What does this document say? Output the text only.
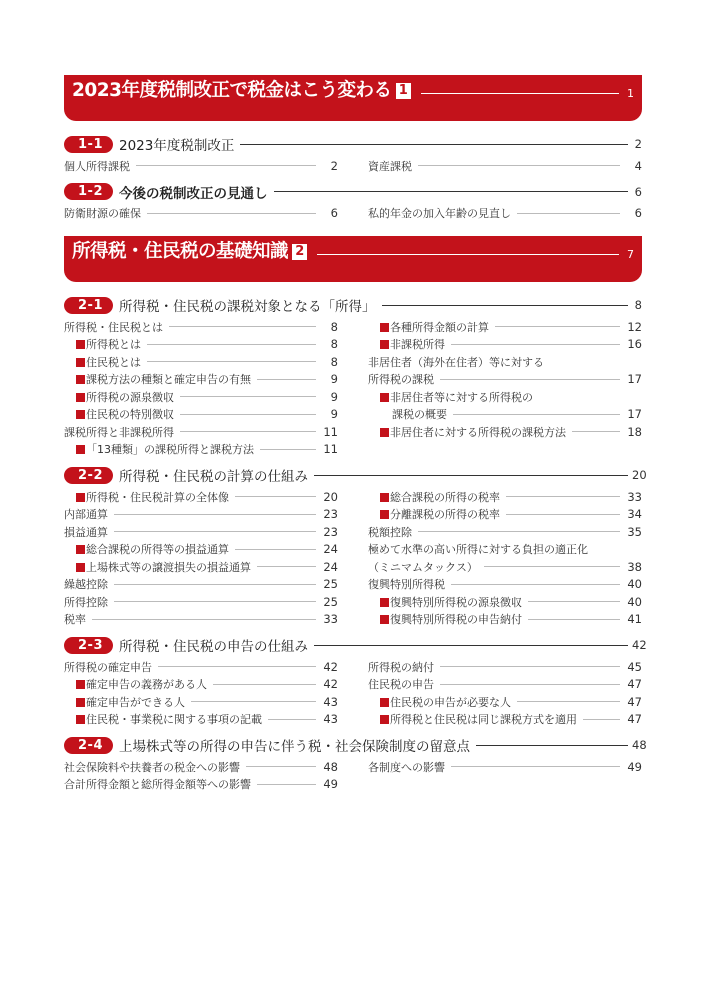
2023年度税制改正で税金はこう変わる 1	1
1-1	2023年度税制改正	2
個人所得課税	2	資産課税	4
1-2	今後の税制改正の見通し	6
防衛財源の確保	6	私的年金の加入年齢の見直し	6
所得税・住民税の基礎知識 2	7
2-1	所得税・住民税の課税対象となる「所得」	8
所得税・住民税とは	8
所得税とは	8
住民税とは	8
課税方法の種類と確定申告の有無	9
所得税の源泉徴収	9
住民税の特別徴収	9
課税所得と非課税所得	11
「13種類」の課税所得と課税方法	11
各種所得金額の計算	12
非課税所得	16
非居住者（海外在住者）等に対する
所得税の課税	17
非居住者等に対する所得税の
課税の概要	17
非居住者に対する所得税の課税方法	18
2-2	所得税・住民税の計算の仕組み	20
所得税・住民税計算の全体像	20
内部通算	23
損益通算	23
総合課税の所得等の損益通算	24
上場株式等の譲渡損失の損益通算	24
繰越控除	25
所得控除	25
税率	33
総合課税の所得の税率	33
分離課税の所得の税率	34
税額控除	35
極めて水準の高い所得に対する負担の適正化
（ミニマムタックス）	38
復興特別所得税	40
復興特別所得税の源泉徴収	40
復興特別所得税の申告納付	41
2-3	所得税・住民税の申告の仕組み	42
所得税の確定申告	42
確定申告の義務がある人	42
確定申告ができる人	43
住民税・事業税に関する事項の記載	43
所得税の納付	45
住民税の申告	47
住民税の申告が必要な人	47
所得税と住民税は同じ課税方式を適用	47
2-4	上場株式等の所得の申告に伴う税・社会保険制度の留意点	48
社会保険料や扶養者の税金への影響	48
合計所得金額と総所得金額等への影響	49
各制度への影響	49
